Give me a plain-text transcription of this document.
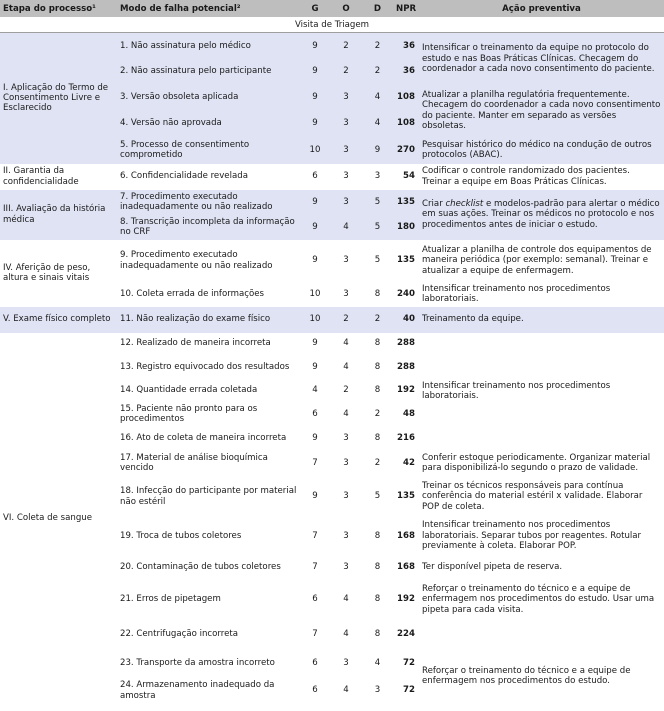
Etapa do processo¹	Modo de falha potencial²	G	O	D	NPR	Ação preventiva
Visita de Triagem						
I. Aplicação do Termo de Consentimento Livre e Esclarecido	1. Não assinatura pelo médico	9	2	2	36	Intensificar o treinamento da equipe no protocolo do estudo e nas Boas Práticas Clínicas. Checagem do coordenador a cada novo consentimento do paciente.
	2. Não assinatura pelo participante	9	2	2	36	
	3. Versão obsoleta aplicada	9	3	4	108	Atualizar a planilha regulatória frequentemente. Checagem do coordenador a cada novo consentimento do paciente. Manter em separado as versões obsoletas.
	4. Versão não aprovada	9	3	4	108	
	5. Processo de consentimento comprometido	10	3	9	270	Pesquisar histórico do médico na condução de outros protocolos (ABAC).
II. Garantia da confidencialidade	6. Confidencialidade revelada	6	3	3	54	Codificar o controle randomizado dos pacientes. Treinar a equipe em Boas Práticas Clínicas.
III. Avaliação da história médica	7. Procedimento executado inadequadamente ou não realizado	9	3	5	135	Criar checklist e modelos-padrão para alertar o médico em suas ações. Treinar os médicos no protocolo e nos procedimentos antes de iniciar o estudo.
	8. Transcrição incompleta da informação no CRF	9	4	5	180	
IV. Aferição de peso, altura e sinais vitais	9. Procedimento executado inadequadamente ou não realizado	9	3	5	135	Atualizar a planilha de controle dos equipamentos de maneira periódica (por exemplo: semanal). Treinar e atualizar a equipe de enfermagem.
	10. Coleta errada de informações	10	3	8	240	Intensificar treinamento nos procedimentos laboratoriais.
V. Exame físico completo	11. Não realização do exame físico	10	2	2	40	Treinamento da equipe.
VI. Coleta de sangue	12. Realizado de maneira incorreta	9	4	8	288	Intensificar treinamento nos procedimentos laboratoriais.
	13. Registro equivocado dos resultados	9	4	8	288	
	14. Quantidade errada coletada	4	2	8	192	
	15. Paciente não pronto para os procedimentos	6	4	2	48	
	16. Ato de coleta de maneira incorreta	9	3	8	216	
	17. Material de análise bioquímica vencido	7	3	2	42	Conferir estoque periodicamente. Organizar material para disponibilizá-lo segundo o prazo de validade.
	18. Infecção do participante por material não estéril	9	3	5	135	Treinar os técnicos responsáveis para contínua conferência do material estéril x validade. Elaborar POP de coleta.
	19. Troca de tubos coletores	7	3	8	168	Intensificar treinamento nos procedimentos laboratoriais. Separar tubos por reagentes. Rotular previamente à coleta. Elaborar POP.
	20. Contaminação de tubos coletores	7	3	8	168	Ter disponível pipeta de reserva.
	21. Erros de pipetagem	6	4	8	192	Reforçar o treinamento do técnico e a equipe de enfermagem nos procedimentos do estudo. Usar uma pipeta para cada visita.
	22. Centrifugação incorreta	7	4	8	224	
	23. Transporte da amostra incorreto	6	3	4	72	Reforçar o treinamento do técnico e a equipe de enfermagem nos procedimentos do estudo.
	24. Armazenamento inadequado da amostra	6	4	3	72	
